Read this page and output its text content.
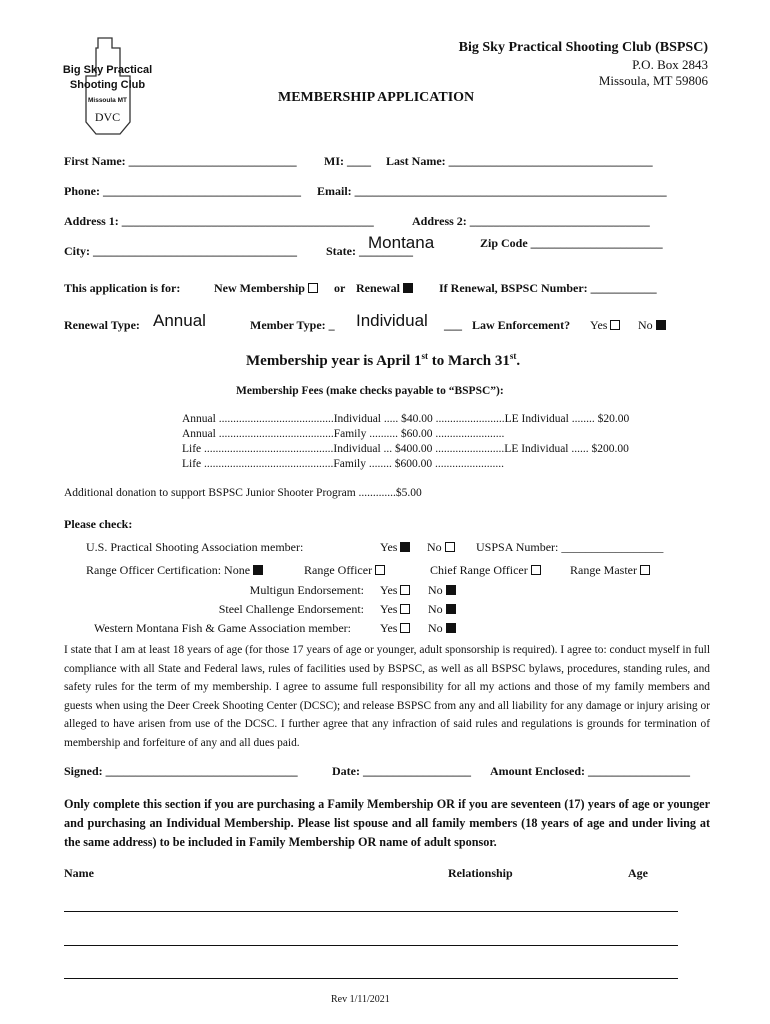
Big Sky Practical
Shooting Club
Missoula MT
DVC
Big Sky Practical Shooting Club (BSPSC)
P.O. Box 2843
Missoula, MT 59806
MEMBERSHIP APPLICATION
First Name: ____________________________ MI: ____ Last Name: __________________________________
Phone: _________________________________ Email: ____________________________________________________
Address 1: __________________________________________	Address 2: ______________________________
City: __________________________________ State: _________
Montana	Zip Code ______________________
This application is for:	New Membership	or Renewal	If Renewal, BSPSC Number: ___________
Renewal Type: Annual	Member Type: _ Individual ___ Law Enforcement? Yes	No
Membership year is April 1st to March 31st.
Membership Fees (make checks payable to “BSPSC”):
Annual ........................................Individual ..... $40.00 ........................LE Individual ........ $20.00
Annual ........................................Family .......... $60.00 ........................
Life .............................................Individual ... $400.00 ........................LE Individual ...... $200.00
Life .............................................Family ........ $600.00 ........................
Additional donation to support BSPSC Junior Shooter Program .............$5.00
Please check:
U.S. Practical Shooting Association member:	Yes	No	USPSA Number: _________________
Range Officer Certification: None	Range Officer	Chief Range Officer	Range Master
Multigun Endorsement: Yes	No
Steel Challenge Endorsement: Yes	No
Western Montana Fish & Game Association member: Yes	No
I state that I am at least 18 years of age (for those 17 years of age or younger, adult sponsorship is required). I agree to: conduct myself in full compliance with all State and Federal laws, rules of facilities used by BSPSC, as well as all BSPSC bylaws, procedures, standing rules, and safety rules for the term of my membership. I agree to assume full responsibility for all my actions and those of my family members and guests when using the Deer Creek Shooting Center (DCSC); and release BSPSC from any and all liability for any damage or injury arising or alleged to have arisen from use of the DCSC. I further agree that any infraction of said rules and regulations is grounds for termination of membership and forfeiture of any and all dues paid.
Signed: ________________________________	Date: __________________ Amount Enclosed: _________________
Only complete this section if you are purchasing a Family Membership OR if you are seventeen (17) years of age or younger and purchasing an Individual Membership. Please list spouse and all family members (18 years of age and under living at the same address) to be included in Family Membership OR name of adult sponsor.
Name	Relationship	Age
Rev 1/11/2021
